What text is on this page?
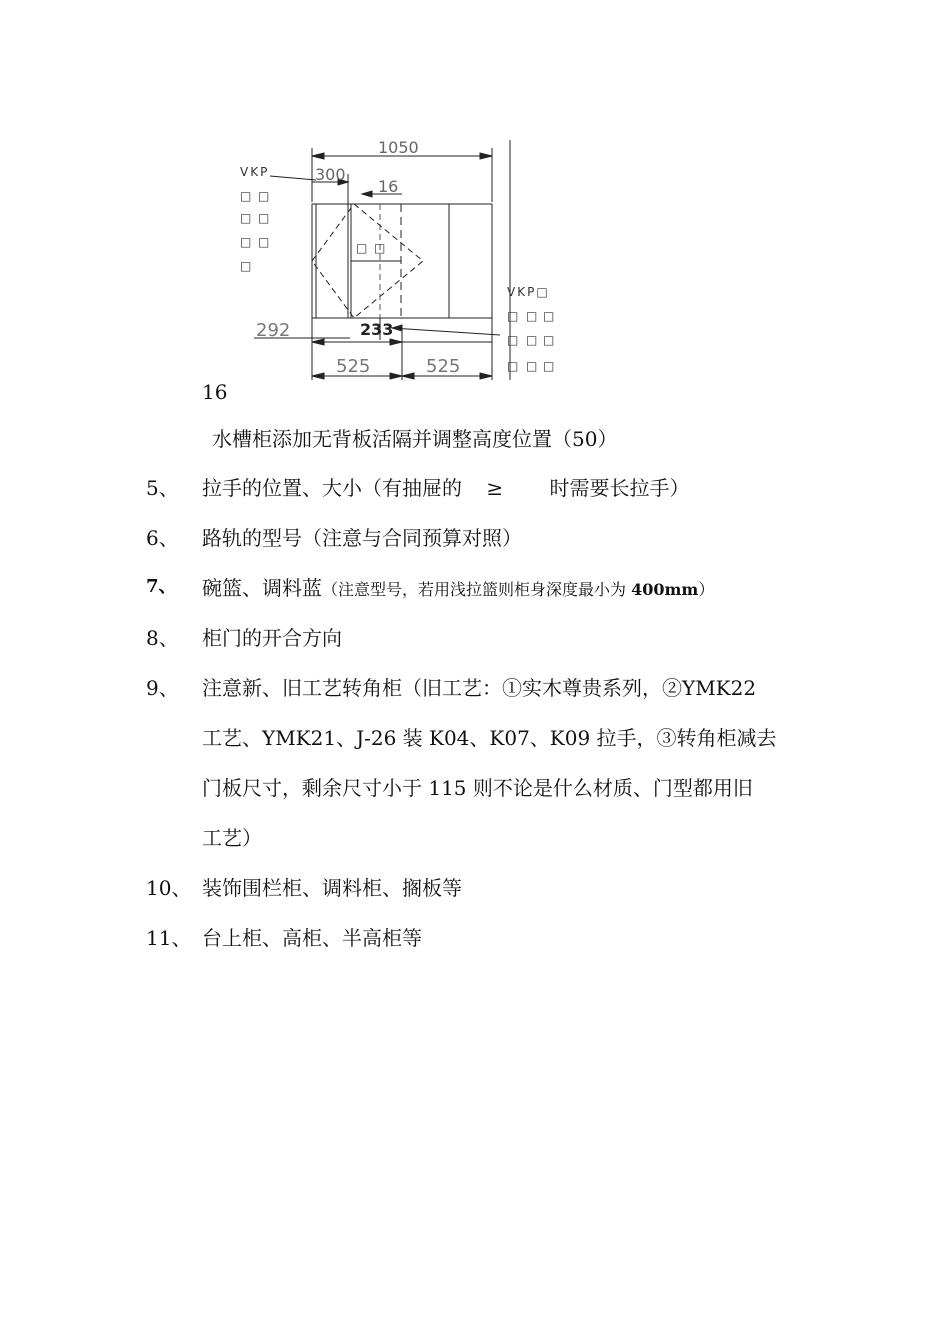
1050
300
16
292	233
525	525
VKP
VKP□
□ □
□ □
□ □
□
□ □
□ □ □
□ □ □
□ □ □
16
水槽柜添加无背板活隔并调整高度位置（50）
5、 拉手的位置、大小（有抽屉的 ≥ 时需要长拉手）
6、 路轨的型号（注意与合同预算对照）
7、 碗篮、调料蓝（注意型号，若用浅拉篮则柜身深度最小为 400mm）
8、 柜门的开合方向
9、 注意新、旧工艺转角柜（旧工艺：①实木尊贵系列，②YMK22
工艺、YMK21、J-26 装 K04、K07、K09 拉手，③转角柜减去
门板尺寸，剩余尺寸小于 115 则不论是什么材质、门型都用旧
工艺）
10、 装饰围栏柜、调料柜、搁板等
11、 台上柜、高柜、半高柜等
